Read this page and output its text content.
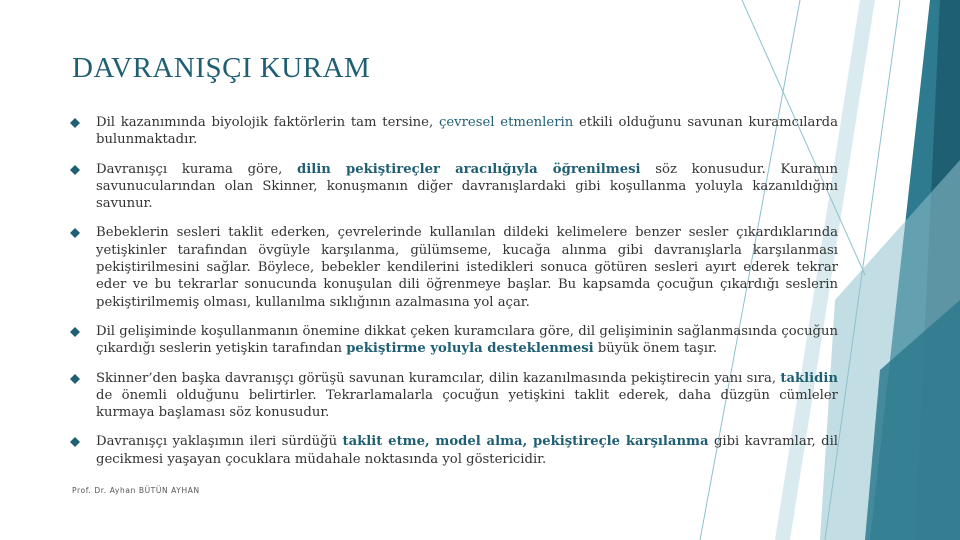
DAVRANIŞÇI KURAM
Dil kazanımında biyolojik faktörlerin tam tersine, çevresel etmenlerin etkili olduğunu savunan kuramcılarda bulunmaktadır.
Davranışçı kurama göre, dilin pekiştireçler aracılığıyla öğrenilmesi söz konusudur. Kuramın savunucularından olan Skinner, konuşmanın diğer davranışlardaki gibi koşullanma yoluyla kazanıldığını savunur.
Bebeklerin sesleri taklit ederken, çevrelerinde kullanılan dildeki kelimelere benzer sesler çıkardıklarında yetişkinler tarafından övgüyle karşılanma, gülümseme, kucağa alınma gibi davranışlarla karşılanması pekiştirilmesini sağlar. Böylece, bebekler kendilerini istedikleri sonuca götüren sesleri ayırt ederek tekrar eder ve bu tekrarlar sonucunda konuşulan dili öğrenmeye başlar. Bu kapsamda çocuğun çıkardığı seslerin pekiştirilmemiş olması, kullanılma sıklığının azalmasına yol açar.
Dil gelişiminde koşullanmanın önemine dikkat çeken kuramcılara göre, dil gelişiminin sağlanmasında çocuğun çıkardığı seslerin yetişkin tarafından pekiştirme yoluyla desteklenmesi büyük önem taşır.
Skinner’den başka davranışçı görüşü savunan kuramcılar, dilin kazanılmasında pekiştirecin yanı sıra, taklidin de önemli olduğunu belirtirler. Tekrarlamalarla çocuğun yetişkini taklit ederek, daha düzgün cümleler kurmaya başlaması söz konusudur.
Davranışçı yaklaşımın ileri sürdüğü taklit etme, model alma, pekiştireçle karşılanma gibi kavramlar, dil gecikmesi yaşayan çocuklara müdahale noktasında yol göstericidir.
Prof. Dr. Ayhan BÜTÜN AYHAN
